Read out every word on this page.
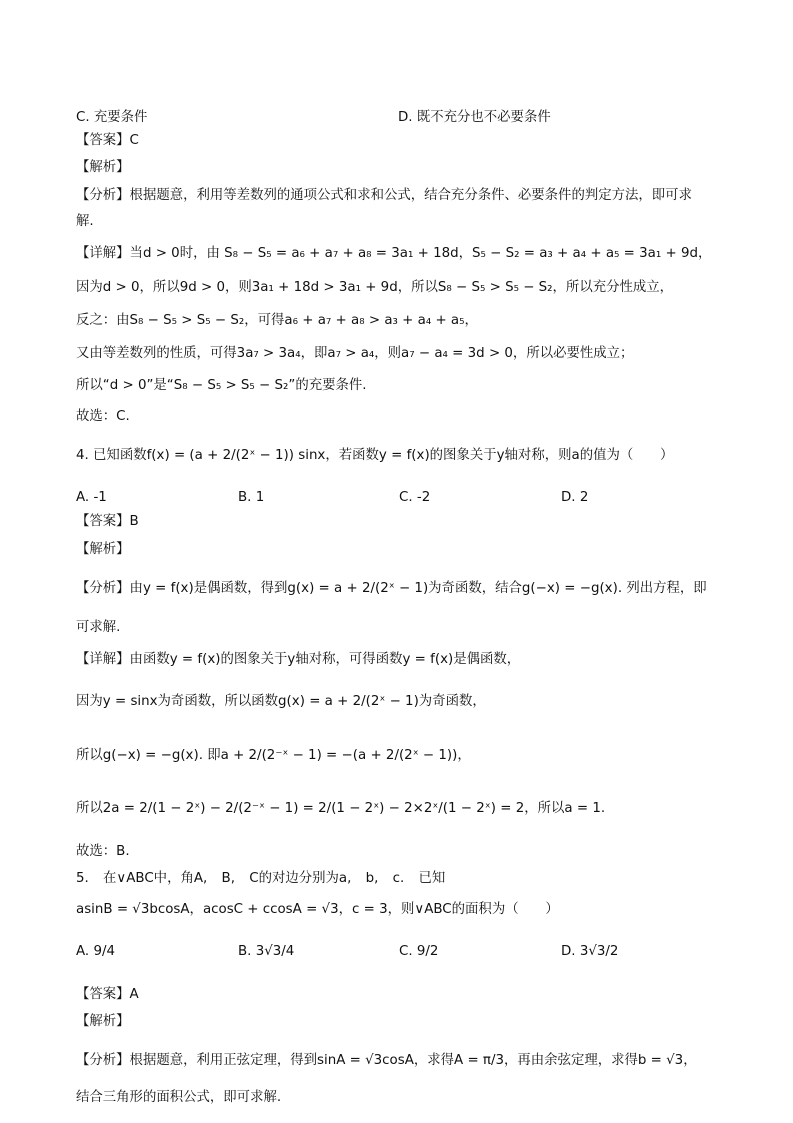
C. 充要条件	D. 既不充分也不必要条件
【答案】C
【解析】
【分析】根据题意，利用等差数列的通项公式和求和公式，结合充分条件、必要条件的判定方法，即可求
解.
【详解】当d > 0时，由 S₈ − S₅ = a₆ + a₇ + a₈ = 3a₁ + 18d，S₅ − S₂ = a₃ + a₄ + a₅ = 3a₁ + 9d，
因为d > 0，所以9d > 0，则3a₁ + 18d > 3a₁ + 9d，所以S₈ − S₅ > S₅ − S₂，所以充分性成立，
反之：由S₈ − S₅ > S₅ − S₂，可得a₆ + a₇ + a₈ > a₃ + a₄ + a₅，
又由等差数列的性质，可得3a₇ > 3a₄，即a₇ > a₄，则a₇ − a₄ = 3d > 0，所以必要性成立；
所以“d > 0”是“S₈ − S₅ > S₅ − S₂”的充要条件.
故选：C.
4. 已知函数f(x) = (a + 2/(2ˣ − 1)) sinx，若函数y = f(x)的图象关于y轴对称，则a的值为（　　）
A. -1	B. 1	C. -2	D. 2
【答案】B
【解析】
【分析】由y = f(x)是偶函数，得到g(x) = a + 2/(2ˣ − 1)为奇函数，结合g(−x) = −g(x). 列出方程，即
可求解.
【详解】由函数y = f(x)的图象关于y轴对称，可得函数y = f(x)是偶函数，
因为y = sinx为奇函数，所以函数g(x) = a + 2/(2ˣ − 1)为奇函数，
所以g(−x) = −g(x). 即a + 2/(2⁻ˣ − 1) = −(a + 2/(2ˣ − 1))，
所以2a = 2/(1 − 2ˣ) − 2/(2⁻ˣ − 1) = 2/(1 − 2ˣ) − 2×2ˣ/(1 − 2ˣ) = 2，所以a = 1.
故选：B.
5. 在∨ABC中，角A, B, C的对边分别为a, b, c. 已知
asinB = √3bcosA，acosC + ccosA = √3，c = 3，则∨ABC的面积为（　　）
A. 9/4	B. 3√3/4	C. 9/2	D. 3√3/2
【答案】A
【解析】
【分析】根据题意，利用正弦定理，得到sinA = √3cosA，求得A = π/3，再由余弦定理，求得b = √3，
结合三角形的面积公式，即可求解.
